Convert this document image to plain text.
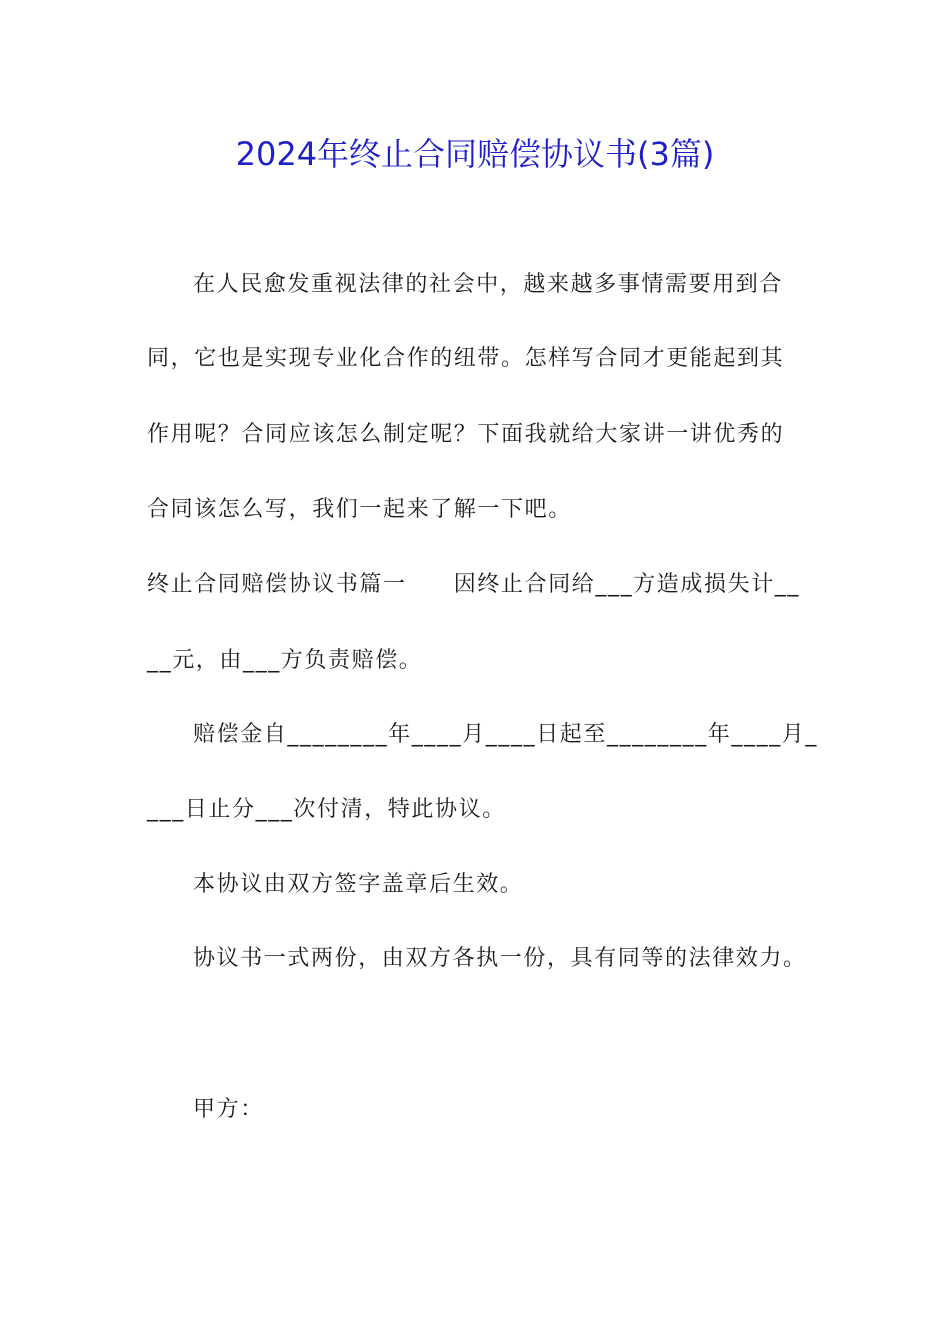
2024年终止合同赔偿协议书(3篇)
在人民愈发重视法律的社会中，越来越多事情需要用到合
同，它也是实现专业化合作的纽带。怎样写合同才更能起到其
作用呢？合同应该怎么制定呢？下面我就给大家讲一讲优秀的
合同该怎么写，我们一起来了解一下吧。
终止合同赔偿协议书篇一　　因终止合同给___方造成损失计__
__元，由___方负责赔偿。
赔偿金自________年____月____日起至________年____月_
___日止分___次付清，特此协议。
本协议由双方签字盖章后生效。
协议书一式两份，由双方各执一份，具有同等的法律效力。
甲方：
